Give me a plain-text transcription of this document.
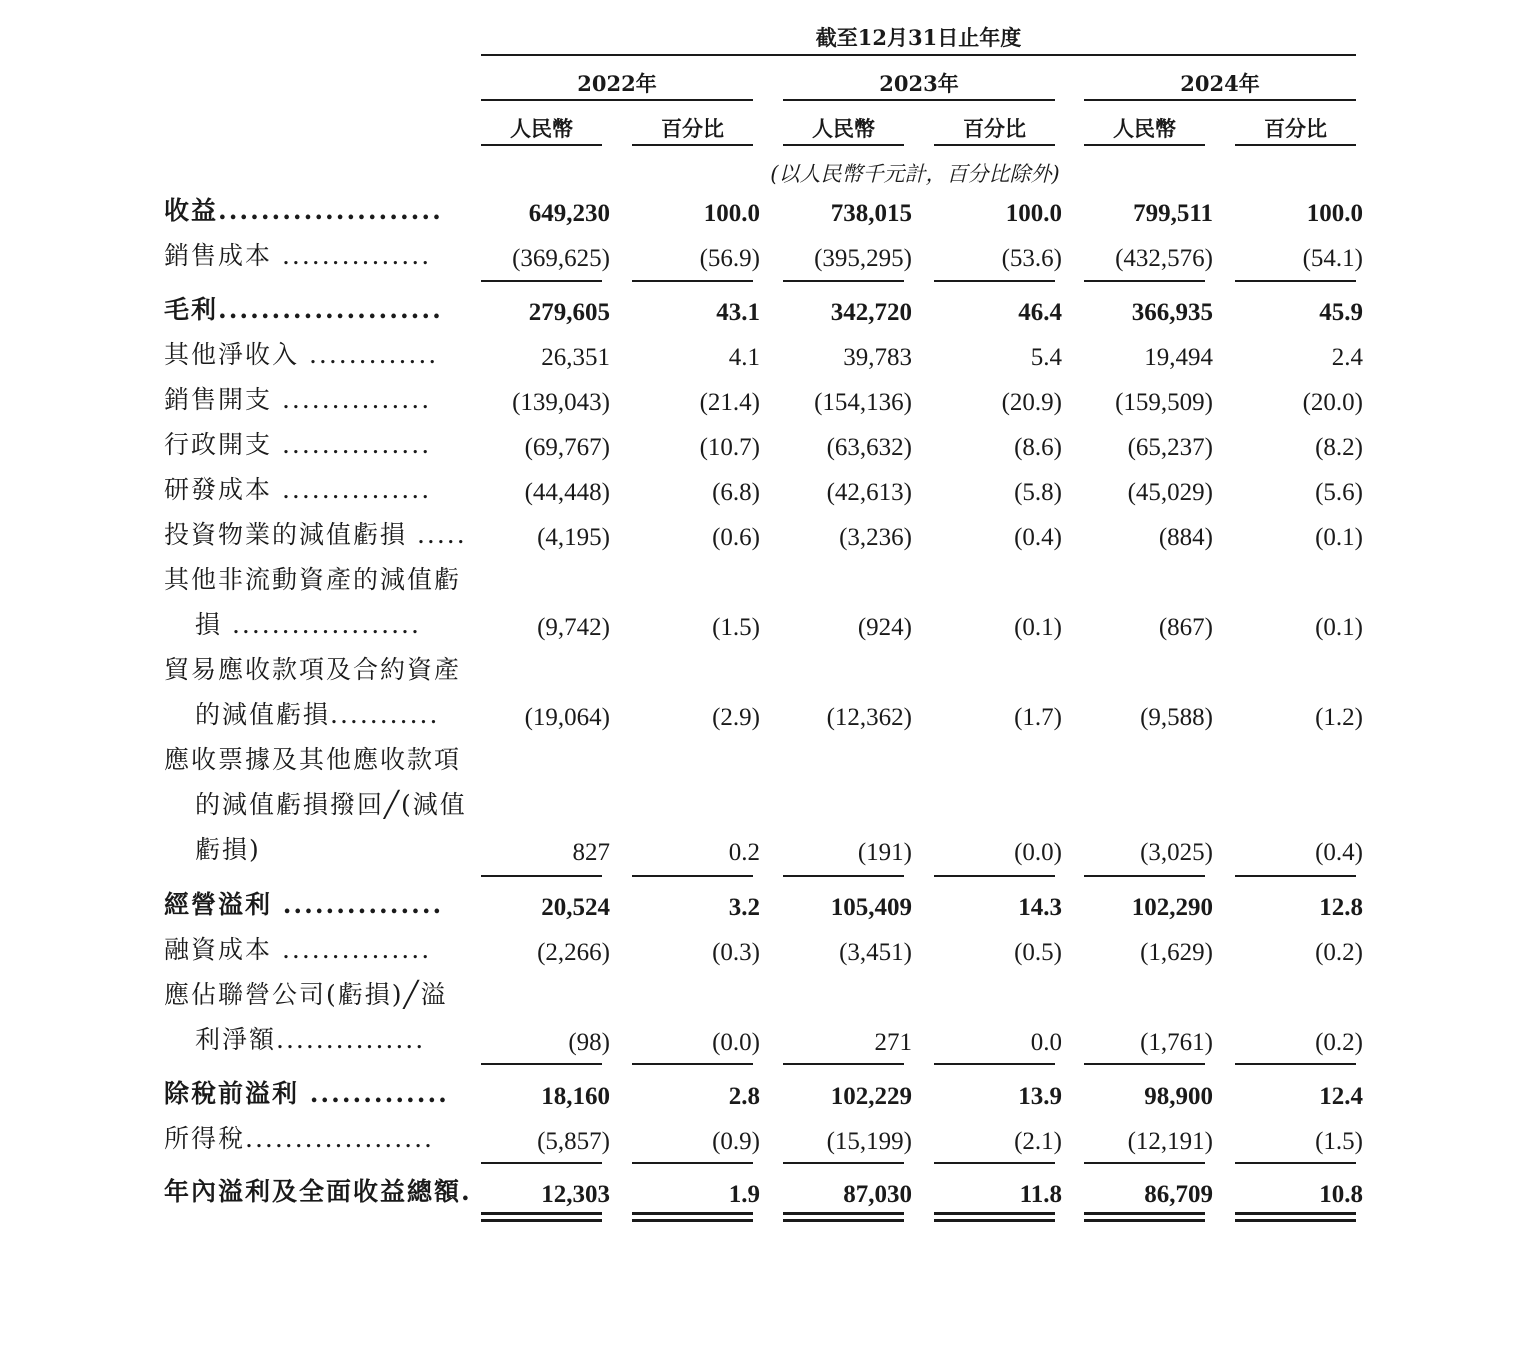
截至12月31日止年度
2022年	2023年	2024年
人民幣	百分比	人民幣	百分比	人民幣	百分比
(以人民幣千元計，百分比除外)
收益.....................	649,230	100.0	738,015	100.0	799,511	100.0
銷售成本 ...............	(369,625)	(56.9)	(395,295)	(53.6)	(432,576)	(54.1)
毛利.....................	279,605	43.1	342,720	46.4	366,935	45.9
其他淨收入 .............	26,351	4.1	39,783	5.4	19,494	2.4
銷售開支 ...............	(139,043)	(21.4)	(154,136)	(20.9)	(159,509)	(20.0)
行政開支 ...............	(69,767)	(10.7)	(63,632)	(8.6)	(65,237)	(8.2)
研發成本 ...............	(44,448)	(6.8)	(42,613)	(5.8)	(45,029)	(5.6)
投資物業的減值虧損 .....	(4,195)	(0.6)	(3,236)	(0.4)	(884)	(0.1)
其他非流動資產的減值虧
損 ...................	(9,742)	(1.5)	(924)	(0.1)	(867)	(0.1)
貿易應收款項及合約資產
的減值虧損...........	(19,064)	(2.9)	(12,362)	(1.7)	(9,588)	(1.2)
應收票據及其他應收款項
的減值虧損撥回╱(減值
虧損)	827	0.2	(191)	(0.0)	(3,025)	(0.4)
經營溢利 ...............	20,524	3.2	105,409	14.3	102,290	12.8
融資成本 ...............	(2,266)	(0.3)	(3,451)	(0.5)	(1,629)	(0.2)
應佔聯營公司(虧損)╱溢
利淨額...............	(98)	(0.0)	271	0.0	(1,761)	(0.2)
除稅前溢利 .............	18,160	2.8	102,229	13.9	98,900	12.4
所得稅...................	(5,857)	(0.9)	(15,199)	(2.1)	(12,191)	(1.5)
年內溢利及全面收益總額.	12,303	1.9	87,030	11.8	86,709	10.8
